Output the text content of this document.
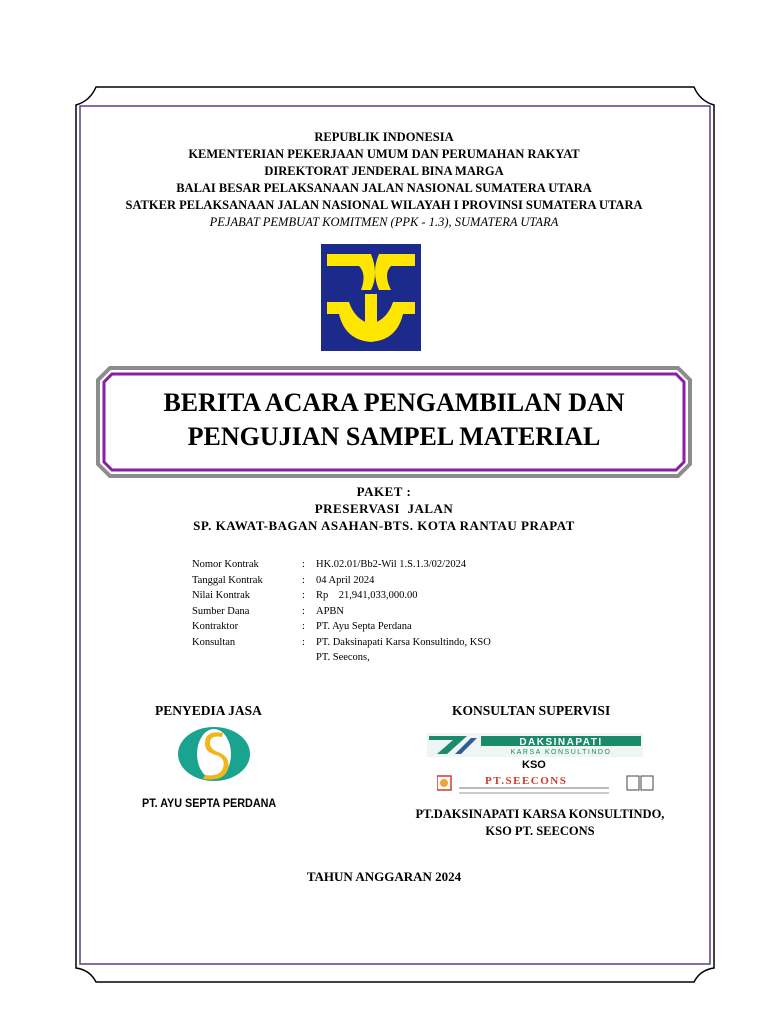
REPUBLIK INDONESIA
KEMENTERIAN PEKERJAAN UMUM DAN PERUMAHAN RAKYAT
DIREKTORAT JENDERAL BINA MARGA
BALAI BESAR PELAKSANAAN JALAN NASIONAL SUMATERA UTARA
SATKER PELAKSANAAN JALAN NASIONAL WILAYAH I PROVINSI SUMATERA UTARA
PEJABAT PEMBUAT KOMITMEN (PPK - 1.3), SUMATERA UTARA
BERITA ACARA PENGAMBILAN DAN
PENGUJIAN SAMPEL MATERIAL
PAKET :
PRESERVASI  JALAN
SP. KAWAT-BAGAN ASAHAN-BTS. KOTA RANTAU PRAPAT
Nomor Kontrak	:	HK.02.01/Bb2-Wil 1.S.1.3/02/2024
Tanggal Kontrak	:	04 April 2024
Nilai Kontrak	:	Rp    21,941,033,000.00
Sumber Dana	:	APBN
Kontraktor	:	PT. Ayu Septa Perdana
Konsultan	:	PT. Daksinapati Karsa Konsultindo, KSO
PT. Seecons,
PENYEDIA JASA
PT. AYU SEPTA PERDANA
KONSULTAN SUPERVISI
DAKSINAPATI
KARSA KONSULTINDO
KSO
PT.SEECONS
PT.DAKSINAPATI KARSA KONSULTINDO,
KSO PT. SEECONS
TAHUN ANGGARAN 2024
